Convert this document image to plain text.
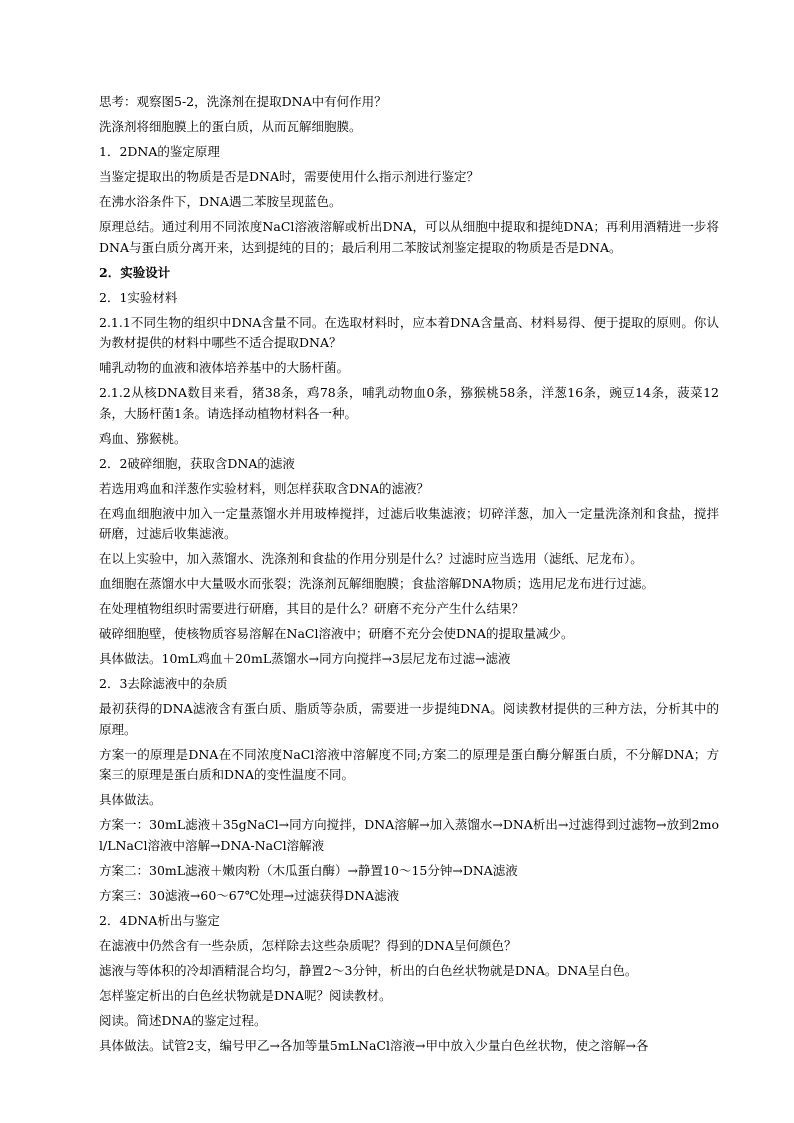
思考：观察图5-2，洗涤剂在提取DNA中有何作用？

洗涤剂将细胞膜上的蛋白质，从而瓦解细胞膜。

1．2DNA的鉴定原理

当鉴定提取出的物质是否是DNA时，需要使用什么指示剂进行鉴定？

在沸水浴条件下，DNA遇二苯胺呈现蓝色。

原理总结。通过利用不同浓度NaCl溶液溶解或析出DNA，可以从细胞中提取和提纯DNA；再利用酒精进一步将DNA与蛋白质分离开来，达到提纯的目的；最后利用二苯胺试剂鉴定提取的物质是否是DNA。

2．实验设计

2．1实验材料

2.1.1不同生物的组织中DNA含量不同。在选取材料时，应本着DNA含量高、材料易得、便于提取的原则。你认为教材提供的材料中哪些不适合提取DNA？

哺乳动物的血液和液体培养基中的大肠杆菌。

2.1.2从核DNA数目来看，猪38条，鸡78条，哺乳动物血0条，猕猴桃58条，洋葱16条，豌豆14条，菠菜12条，大肠杆菌1条。请选择动植物材料各一种。

鸡血、猕猴桃。

2．2破碎细胞，获取含DNA的滤液

若选用鸡血和洋葱作实验材料，则怎样获取含DNA的滤液？

在鸡血细胞液中加入一定量蒸馏水并用玻棒搅拌，过滤后收集滤液；切碎洋葱，加入一定量洗涤剂和食盐，搅拌研磨，过滤后收集滤液。

在以上实验中，加入蒸馏水、洗涤剂和食盐的作用分别是什么？过滤时应当选用（滤纸、尼龙布）。

血细胞在蒸馏水中大量吸水而张裂；洗涤剂瓦解细胞膜；食盐溶解DNA物质；选用尼龙布进行过滤。

在处理植物组织时需要进行研磨，其目的是什么？研磨不充分产生什么结果？

破碎细胞壁，使核物质容易溶解在NaCl溶液中；研磨不充分会使DNA的提取量减少。

具体做法。10mL鸡血＋20mL蒸馏水→同方向搅拌→3层尼龙布过滤→滤液

2．3去除滤液中的杂质

最初获得的DNA滤液含有蛋白质、脂质等杂质，需要进一步提纯DNA。阅读教材提供的三种方法，分析其中的原理。

方案一的原理是DNA在不同浓度NaCl溶液中溶解度不同;方案二的原理是蛋白酶分解蛋白质，不分解DNA；方案三的原理是蛋白质和DNA的变性温度不同。

具体做法。

方案一：30mL滤液＋35gNaCl→同方向搅拌，DNA溶解→加入蒸馏水→DNA析出→过滤得到过滤物→放到2mol/LNaCl溶液中溶解→DNA-NaCl溶解液

方案二：30mL滤液＋嫩肉粉（木瓜蛋白酶）→静置10～15分钟→DNA滤液

方案三：30滤液→60～67℃处理→过滤获得DNA滤液

2．4DNA析出与鉴定

在滤液中仍然含有一些杂质，怎样除去这些杂质呢？得到的DNA呈何颜色？

滤液与等体积的冷却酒精混合均匀，静置2～3分钟，析出的白色丝状物就是DNA。DNA呈白色。

怎样鉴定析出的白色丝状物就是DNA呢？阅读教材。

阅读。简述DNA的鉴定过程。

具体做法。试管2支，编号甲乙→各加等量5mLNaCl溶液→甲中放入少量白色丝状物，使之溶解→各
